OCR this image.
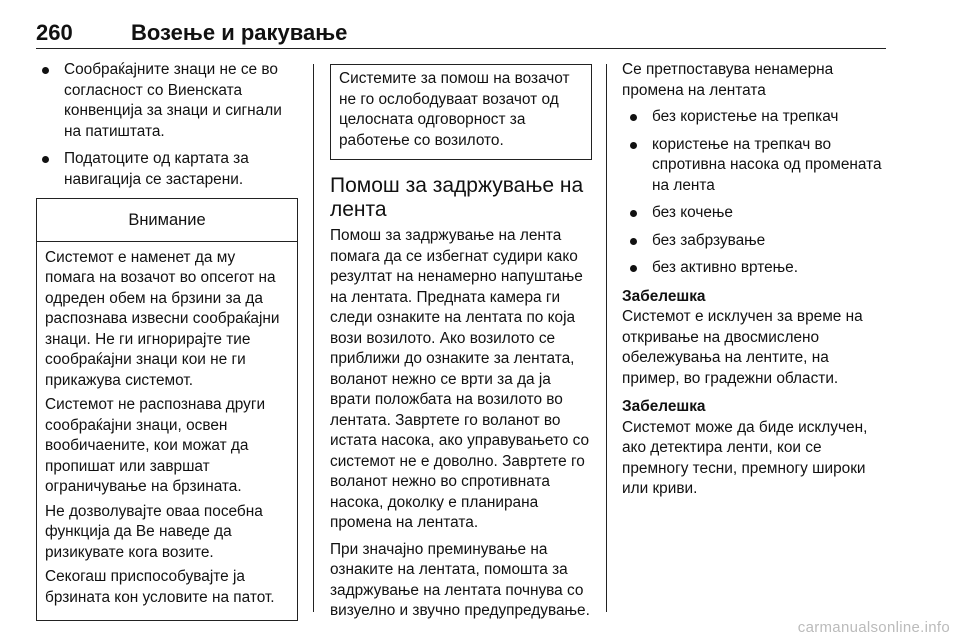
260	Возење и ракување
Сообраќајните знаци не се во согласност со Виенската конвенција за знаци и сигнали на патиштата.
Податоците од картата за навигација се застарени.
Внимание

Системот е наменет да му помага на возачот во опсегот на одреден обем на брзини за да распознава извесни сообраќајни знаци. Не ги игнорирајте тие сообраќајни знаци кои не ги прикажува системот.

Системот не распознава други сообраќајни знаци, освен вообичаените, кои можат да пропишат или завршат ограничувањe на брзината.

Не дозволувајте оваа посебна функција да Ве наведе да ризикувате кога возите.

Секогаш приспособувајте ја брзината кон условите на патот.

Системите за помош на возачот не го ослободуваат возачот од целосната одговорност за работење со возилото.

Помош за задржување на лента

Помош за задржување на лента помага да се избегнат судири како резултат на ненамерно напуштање на лентата. Предната камера ги следи ознаките на лентата по која вози возилото. Ако возилото се приближи до ознаките за лентата, воланот нежно се врти за да ја врати положбата на возилото во лентата. Завртете го воланот во истата насока, ако управувањето со системот не е доволно. Завртете го воланот нежно во спротивната насока, доколку е планирана промена на лентата.

При значајно преминување на ознаките на лентата, помошта за задржување на лентата почнува со визуелно и звучно предупредување.

Се претпоставува ненамерна промена на лентата

без користење на трепкач
користење на трепкач во спротивна насока од промената на лента
без кочење
без забрзување
без активно вртење.
Забелешка

Системот е исклучен за време на откривање на двосмислено обележувања на лентите, на пример, во градежни области.

Забелешка

Системот може да биде исклучен, ако детектира ленти, кои се премногу тесни, премногу широки или криви.

carmanualsonline.info
